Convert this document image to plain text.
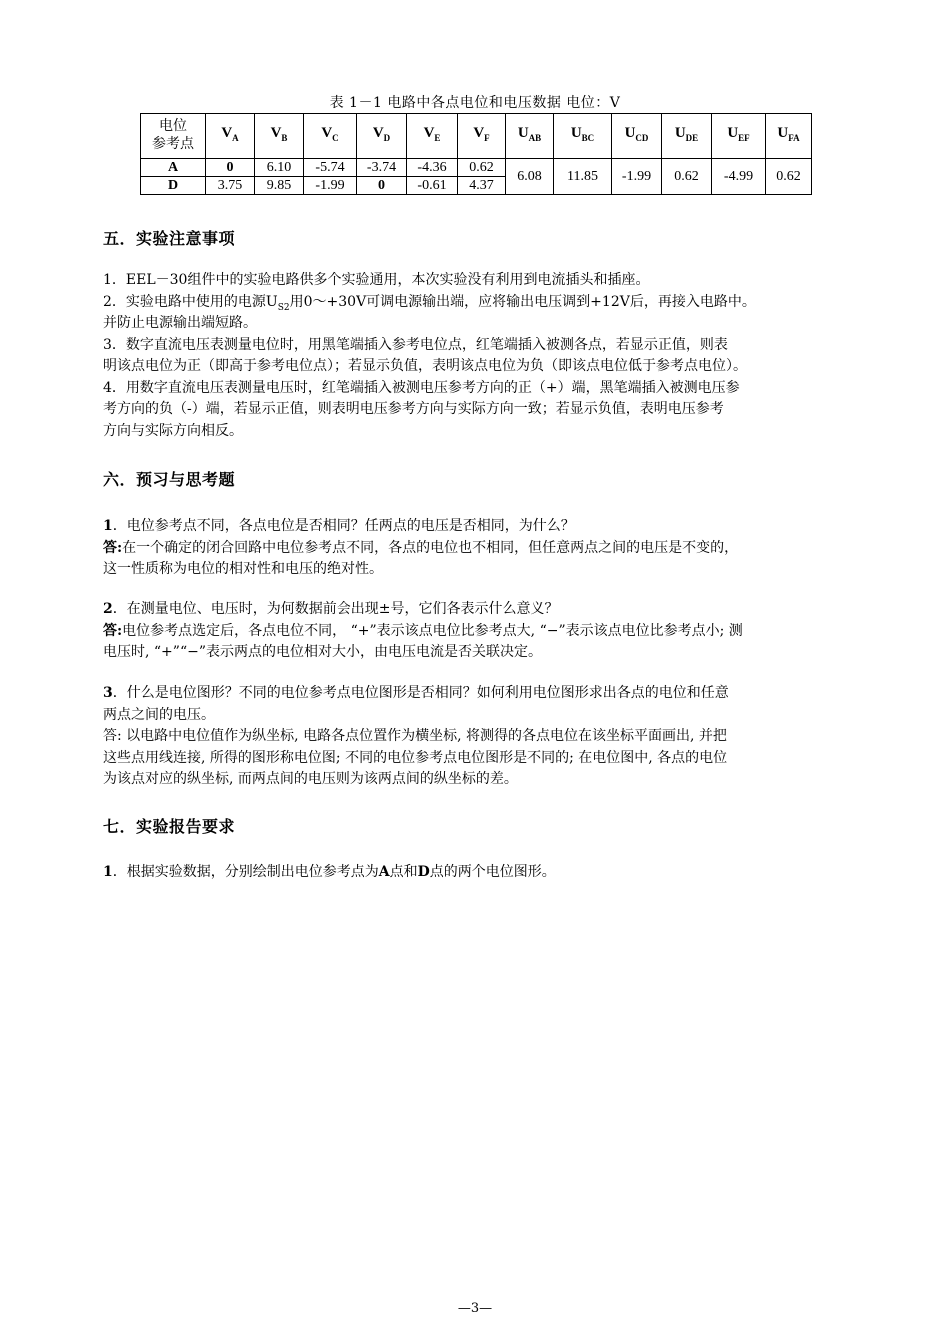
表 1－1 电路中各点电位和电压数据 电位：V
电位
参考点	$V_A$	$V_B$	$V_C$	$V_D$	$V_E$	$V_F$	$U_{AB}$	$U_{BC}$	$U_{CD}$	$U_{DE}$	$U_{EF}$	$U_{FA}$
A	0	6.10	-5.74	-3.74	-4.36	0.62	6.08	11.85	-1.99	0.62	-4.99	0.62
D	3.75	9.85	-1.99	0	-0.61	4.37						
五．实验注意事项
1．EEL－30组件中的实验电路供多个实验通用，本次实验没有利用到电流插头和插座。
2．实验电路中使用的电源$U_{S2}$用0～+30V可调电源输出端，应将输出电压调到+12V后，再接入电路中。
并防止电源输出端短路。
3．数字直流电压表测量电位时，用黑笔端插入参考电位点，红笔端插入被测各点，若显示正值，则表
明该点电位为正（即高于参考电位点）；若显示负值，表明该点电位为负（即该点电位低于参考点电位）。
4．用数字直流电压表测量电压时，红笔端插入被测电压参考方向的正（+）端，黑笔端插入被测电压参
考方向的负（-）端，若显示正值，则表明电压参考方向与实际方向一致；若显示负值，表明电压参考
方向与实际方向相反。
六．预习与思考题
1．电位参考点不同，各点电位是否相同？任两点的电压是否相同，为什么？
答:在一个确定的闭合回路中电位参考点不同，各点的电位也不相同，但任意两点之间的电压是不变的，
这一性质称为电位的相对性和电压的绝对性。
2．在测量电位、电压时，为何数据前会出现±号，它们各表示什么意义？
答:电位参考点选定后，各点电位不同， “+”表示该点电位比参考点大, “−”表示该点电位比参考点小; 测
电压时, “+”“−”表示两点的电位相对大小，由电压电流是否关联决定。
3．什么是电位图形？不同的电位参考点电位图形是否相同？如何利用电位图形求出各点的电位和任意
两点之间的电压。
答: 以电路中电位值作为纵坐标, 电路各点位置作为横坐标, 将测得的各点电位在该坐标平面画出, 并把
这些点用线连接, 所得的图形称电位图; 不同的电位参考点电位图形是不同的; 在电位图中, 各点的电位
为该点对应的纵坐标, 而两点间的电压则为该两点间的纵坐标的差。
七．实验报告要求
1．根据实验数据，分别绘制出电位参考点为A点和D点的两个电位图形。
—3—
